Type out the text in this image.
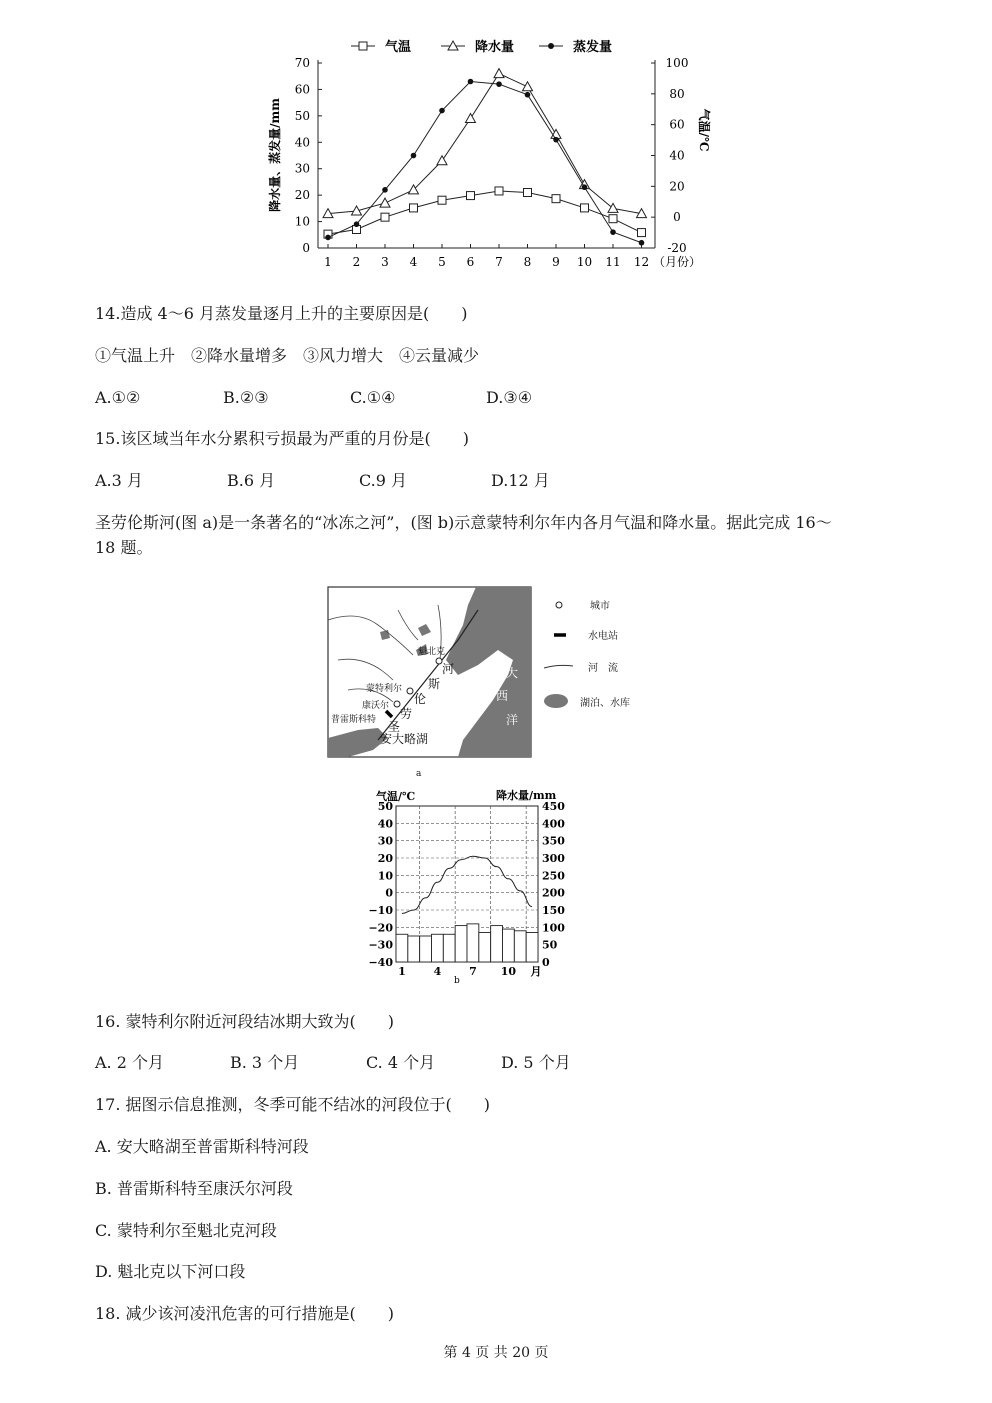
气温	降水量	蒸发量
0
10
20
30
40
50
60
70
-20
0
20
40
60
80
100
1 2 3 4 5 6 7 8 9 10 11 12 （月份）
降水量、蒸发量/mm	气温/℃
14.造成 4～6 月蒸发量逐月上升的主要原因是(　　)
①气温上升　②降水量增多　③风力增大　④云量减少
A.①②	B.②③	C.①④	D.③④
15.该区域当年水分累积亏损最为严重的月份是(　　)
A.3 月	B.6 月	C.9 月	D.12 月
圣劳伦斯河(图 a)是一条著名的“冰冻之河”，(图 b)示意蒙特利尔年内各月气温和降水量。据此完成 16～
18 题。
魁北克
蒙特利尔
康沃尔
普雷斯科特
安大略湖
河
斯
伦
劳
圣
大
西
洋
城市
水电站
河　流
湖泊、水库
a
气温/℃	降水量/mm
50
40
30
20
10
0
−10
−20
−30
−40
450
400
350
300
250
200
150
100
50
0
1	4	7 10 月
b
16. 蒙特利尔附近河段结冰期大致为(　　)
A. 2 个月	B. 3 个月	C. 4 个月	D. 5 个月
17. 据图示信息推测，冬季可能不结冰的河段位于(　　)
A. 安大略湖至普雷斯科特河段
B. 普雷斯科特至康沃尔河段
C. 蒙特利尔至魁北克河段
D. 魁北克以下河口段
18. 减少该河凌汛危害的可行措施是(　　)
第 4 页 共 20 页
